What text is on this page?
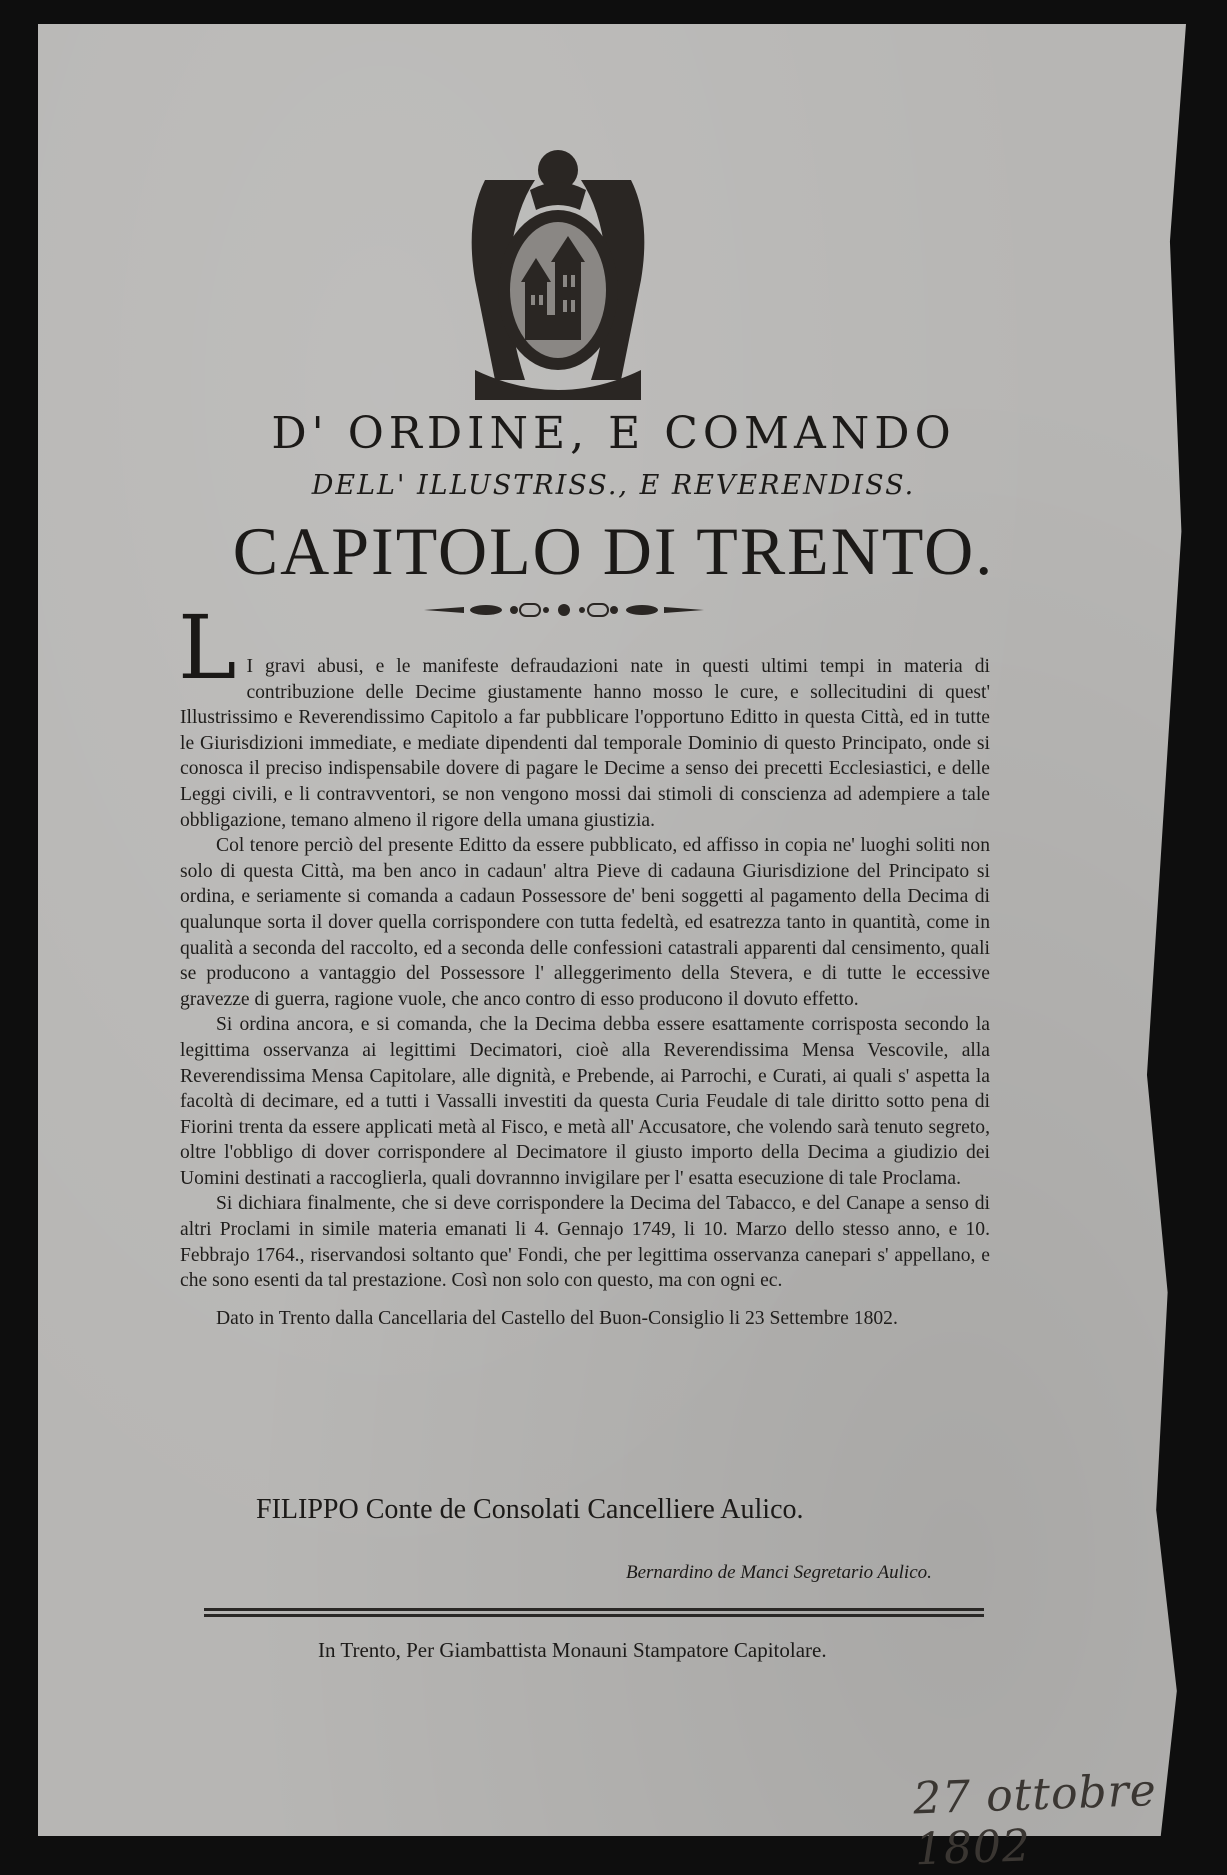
D' ORDINE, E COMANDO
DELL' ILLUSTRISS., E REVERENDISS.
CAPITOLO DI TRENTO.
L I gravi abusi, e le manifeste defraudazioni nate in questi ultimi tempi in materia di contribuzione delle Decime giustamente hanno mosso le cure, e sollecitudini di quest' Illustrissimo e Reverendissimo Capitolo a far pubblicare l'opportuno Editto in questa Città, ed in tutte le Giurisdizioni immediate, e mediate dipendenti dal temporale Dominio di questo Principato, onde si conosca il preciso indispensabile dovere di pagare le Decime a senso dei precetti Ecclesiastici, e delle Leggi civili, e li contravventori, se non vengono mossi dai stimoli di conscienza ad adempiere a tale obbligazione, temano almeno il rigore della umana giustizia.

Col tenore perciò del presente Editto da essere pubblicato, ed affisso in copia ne' luoghi soliti non solo di questa Città, ma ben anco in cadaun' altra Pieve di cadauna Giurisdizione del Principato si ordina, e seriamente si comanda a cadaun Possessore de' beni soggetti al pagamento della Decima di qualunque sorta il dover quella corrispondere con tutta fedeltà, ed esatrezza tanto in quantità, come in qualità a seconda del raccolto, ed a seconda delle confessioni catastrali apparenti dal censimento, quali se producono a vantaggio del Possessore l' alleggerimento della Stevera, e di tutte le eccessive gravezze di guerra, ragione vuole, che anco contro di esso producono il dovuto effetto.

Si ordina ancora, e si comanda, che la Decima debba essere esattamente corrisposta secondo la legittima osservanza ai legittimi Decimatori, cioè alla Reverendissima Mensa Vescovile, alla Reverendissima Mensa Capitolare, alle dignità, e Prebende, ai Parrochi, e Curati, ai quali s' aspetta la facoltà di decimare, ed a tutti i Vassalli investiti da questa Curia Feudale di tale diritto sotto pena di Fiorini trenta da essere applicati metà al Fisco, e metà all' Accusatore, che volendo sarà tenuto segreto, oltre l'obbligo di dover corrispondere al Decimatore il giusto importo della Decima a giudizio dei Uomini destinati a raccoglierla, quali dovrannno invigilare per l' esatta esecuzione di tale Proclama.

Si dichiara finalmente, che si deve corrispondere la Decima del Tabacco, e del Canape a senso di altri Proclami in simile materia emanati li 4. Gennajo 1749, li 10. Marzo dello stesso anno, e 10. Febbrajo 1764., riservandosi soltanto que' Fondi, che per legittima osservanza canepari s' appellano, e che sono esenti da tal prestazione. Così non solo con questo, ma con ogni ec.

Dato in Trento dalla Cancellaria del Castello del Buon-Consiglio li 23 Settembre 1802.

FILIPPO Conte de Consolati Cancelliere Aulico.
Bernardino de Manci Segretario Aulico.
In Trento, Per Giambattista Monauni Stampatore Capitolare.
27 ottobre 1802
